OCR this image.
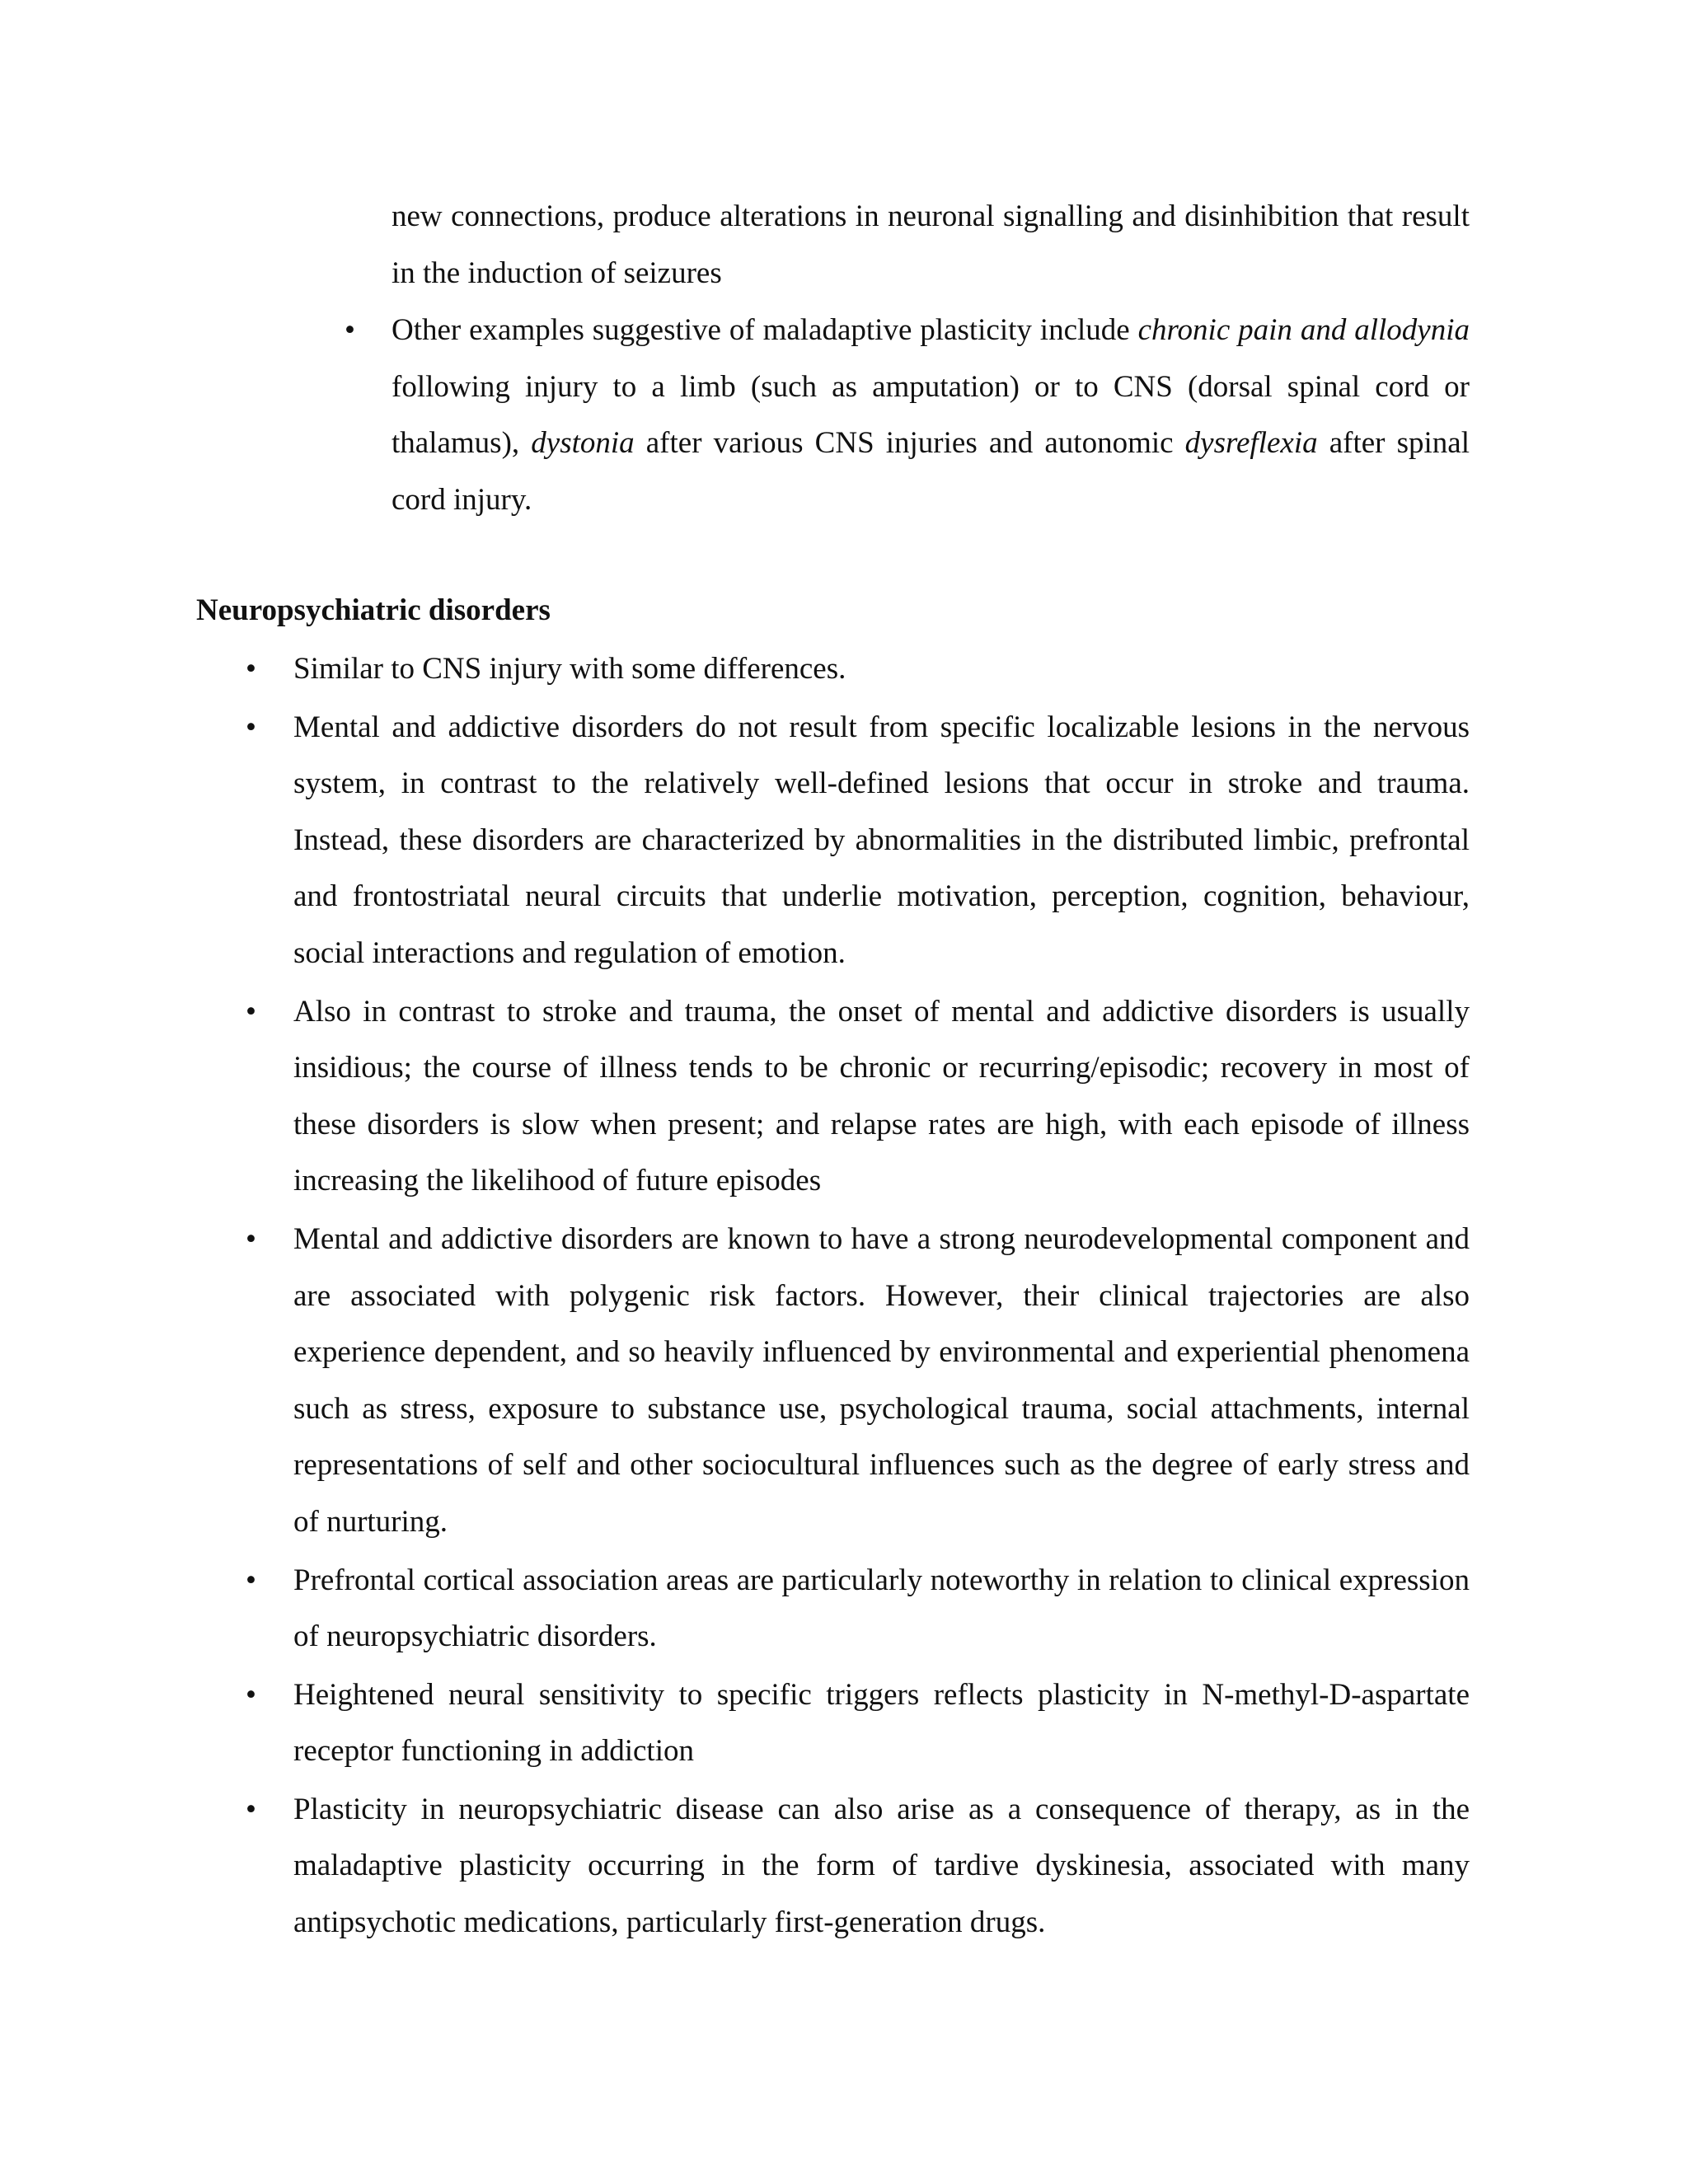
new connections, produce alterations in neuronal signalling and disinhibition that result in the induction of seizures

• Other examples suggestive of maladaptive plasticity include chronic pain and allodynia following injury to a limb (such as amputation) or to CNS (dorsal spinal cord or thalamus), dystonia after various CNS injuries and autonomic dysreflexia after spinal cord injury.
Neuropsychiatric disorders
• Similar to CNS injury with some differences.
• Mental and addictive disorders do not result from specific localizable lesions in the nervous system, in contrast to the relatively well-defined lesions that occur in stroke and trauma. Instead, these disorders are characterized by abnormalities in the distributed limbic, prefrontal and frontostriatal neural circuits that underlie motivation, perception, cognition, behaviour, social interactions and regulation of emotion.
• Also in contrast to stroke and trauma, the onset of mental and addictive disorders is usually insidious; the course of illness tends to be chronic or recurring/episodic; recovery in most of these disorders is slow when present; and relapse rates are high, with each episode of illness increasing the likelihood of future episodes
• Mental and addictive disorders are known to have a strong neurodevelopmental component and are associated with polygenic risk factors. However, their clinical trajectories are also experience dependent, and so heavily influenced by environmental and experiential phenomena such as stress, exposure to substance use, psychological trauma, social attachments, internal representations of self and other sociocultural influences such as the degree of early stress and of nurturing.
• Prefrontal cortical association areas are particularly noteworthy in relation to clinical expression of neuropsychiatric disorders.
• Heightened neural sensitivity to specific triggers reflects plasticity in N-methyl-D-aspartate receptor functioning in addiction
• Plasticity in neuropsychiatric disease can also arise as a consequence of therapy, as in the maladaptive plasticity occurring in the form of tardive dyskinesia, associated with many antipsychotic medications, particularly first-generation drugs.
